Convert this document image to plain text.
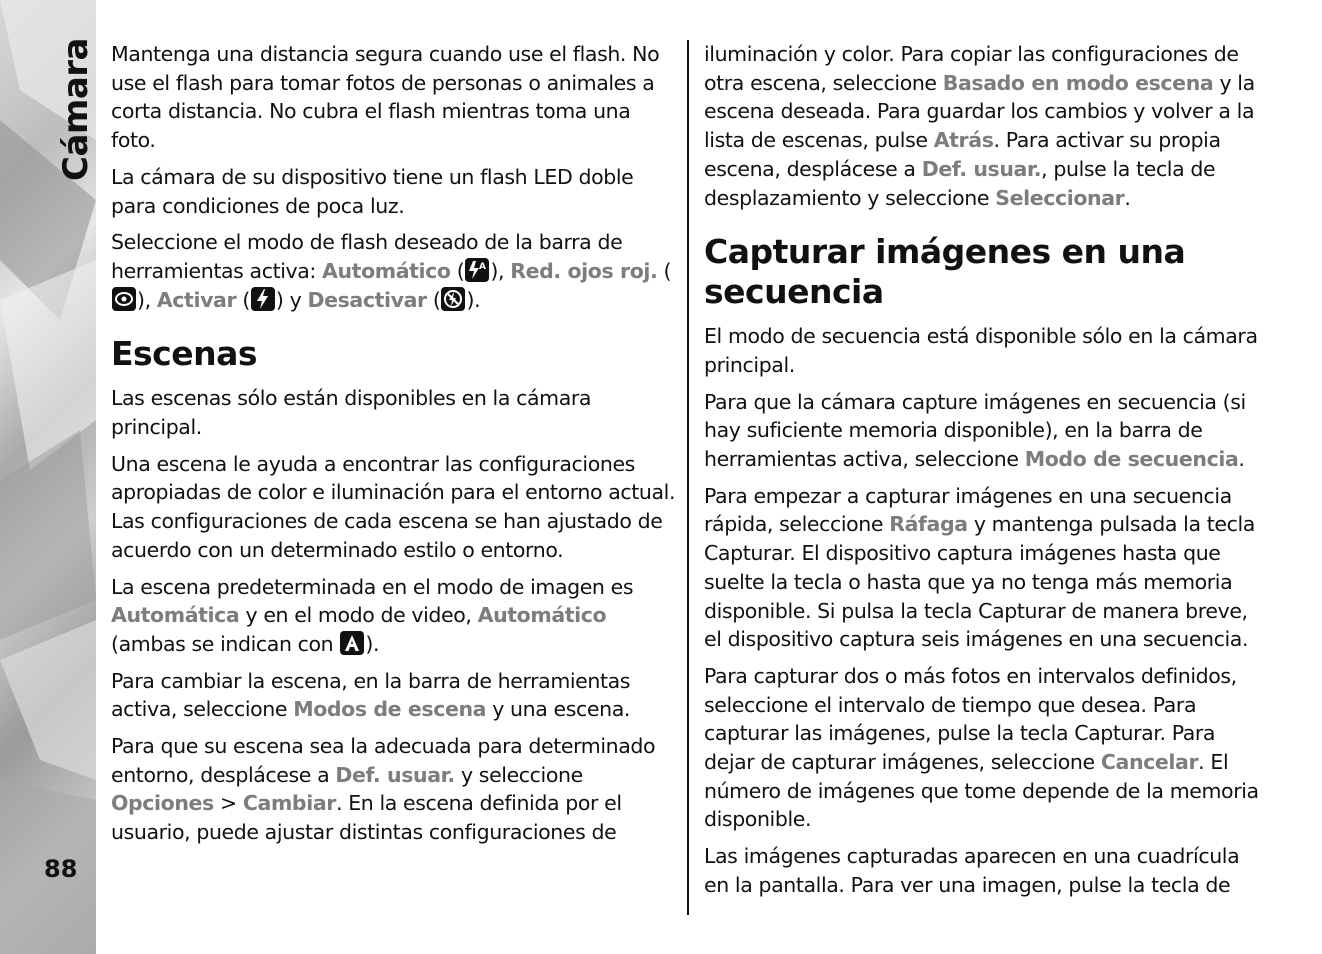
Cámara
88

Mantenga una distancia segura cuando use el flash. No use el flash para tomar fotos de personas o animales a corta distancia. No cubra el flash mientras toma una foto.

La cámara de su dispositivo tiene un flash LED doble para condiciones de poca luz.

Seleccione el modo de flash deseado de la barra de herramientas activa: Automático ( A ), Red. ojos roj. (
), Activar ( ) y Desactivar ( ).

Escenas

Las escenas sólo están disponibles en la cámara principal.

Una escena le ayuda a encontrar las configuraciones apropiadas de color e iluminación para el entorno actual. Las configuraciones de cada escena se han ajustado de acuerdo con un determinado estilo o entorno.

La escena predeterminada en el modo de imagen es Automática y en el modo de video, Automático (ambas se indican con
).

Para cambiar la escena, en la barra de herramientas activa, seleccione Modos de escena y una escena.

Para que su escena sea la adecuada para determinado entorno, desplácese a Def. usuar. y seleccione Opciones > Cambiar. En la escena definida por el usuario, puede ajustar distintas configuraciones de

iluminación y color. Para copiar las configuraciones de otra escena, seleccione Basado en modo escena y la escena deseada. Para guardar los cambios y volver a la lista de escenas, pulse Atrás. Para activar su propia escena, desplácese a Def. usuar., pulse la tecla de desplazamiento y seleccione Seleccionar.

Capturar imágenes en una secuencia

El modo de secuencia está disponible sólo en la cámara principal.

Para que la cámara capture imágenes en secuencia (si hay suficiente memoria disponible), en la barra de herramientas activa, seleccione Modo de secuencia.

Para empezar a capturar imágenes en una secuencia rápida, seleccione Ráfaga y mantenga pulsada la tecla Capturar. El dispositivo captura imágenes hasta que suelte la tecla o hasta que ya no tenga más memoria disponible. Si pulsa la tecla Capturar de manera breve, el dispositivo captura seis imágenes en una secuencia.

Para capturar dos o más fotos en intervalos definidos, seleccione el intervalo de tiempo que desea. Para capturar las imágenes, pulse la tecla Capturar. Para dejar de capturar imágenes, seleccione Cancelar. El número de imágenes que tome depende de la memoria disponible.

Las imágenes capturadas aparecen en una cuadrícula en la pantalla. Para ver una imagen, pulse la tecla de
